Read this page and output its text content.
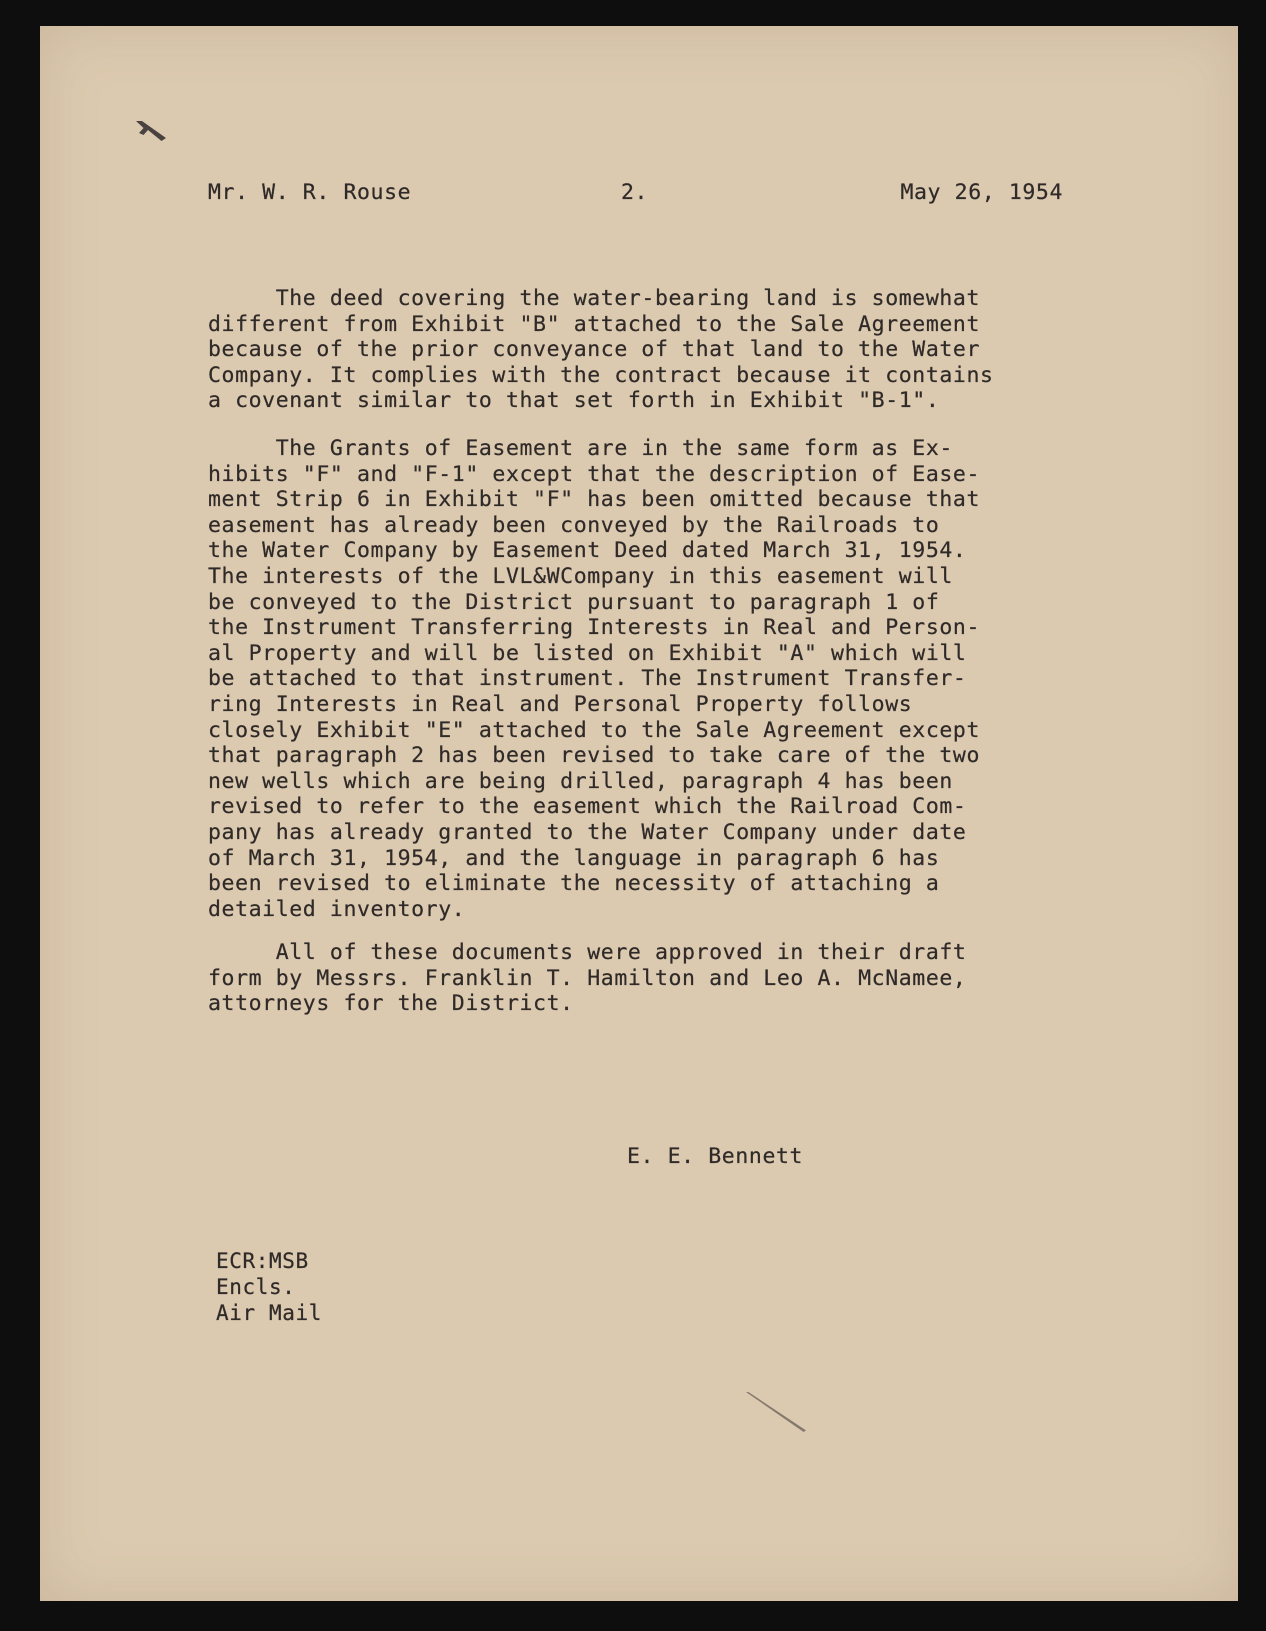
Mr. W. R. Rouse	2.	May 26, 1954

The deed covering the water-bearing land is somewhat
different from Exhibit "B" attached to the Sale Agreement
because of the prior conveyance of that land to the Water
Company. It complies with the contract because it contains
a covenant similar to that set forth in Exhibit "B-1".

The Grants of Easement are in the same form as Ex-
hibits "F" and "F-1" except that the description of Ease-
ment Strip 6 in Exhibit "F" has been omitted because that
easement has already been conveyed by the Railroads to
the Water Company by Easement Deed dated March 31, 1954.
The interests of the LVL&WCompany in this easement will
be conveyed to the District pursuant to paragraph 1 of
the Instrument Transferring Interests in Real and Person-
al Property and will be listed on Exhibit "A" which will
be attached to that instrument. The Instrument Transfer-
ring Interests in Real and Personal Property follows
closely Exhibit "E" attached to the Sale Agreement except
that paragraph 2 has been revised to take care of the two
new wells which are being drilled, paragraph 4 has been
revised to refer to the easement which the Railroad Com-
pany has already granted to the Water Company under date
of March 31, 1954, and the language in paragraph 6 has
been revised to eliminate the necessity of attaching a
detailed inventory.

All of these documents were approved in their draft
form by Messrs. Franklin T. Hamilton and Leo A. McNamee,
attorneys for the District.

E. E. Bennett

ECR:MSB
Encls.
Air Mail
